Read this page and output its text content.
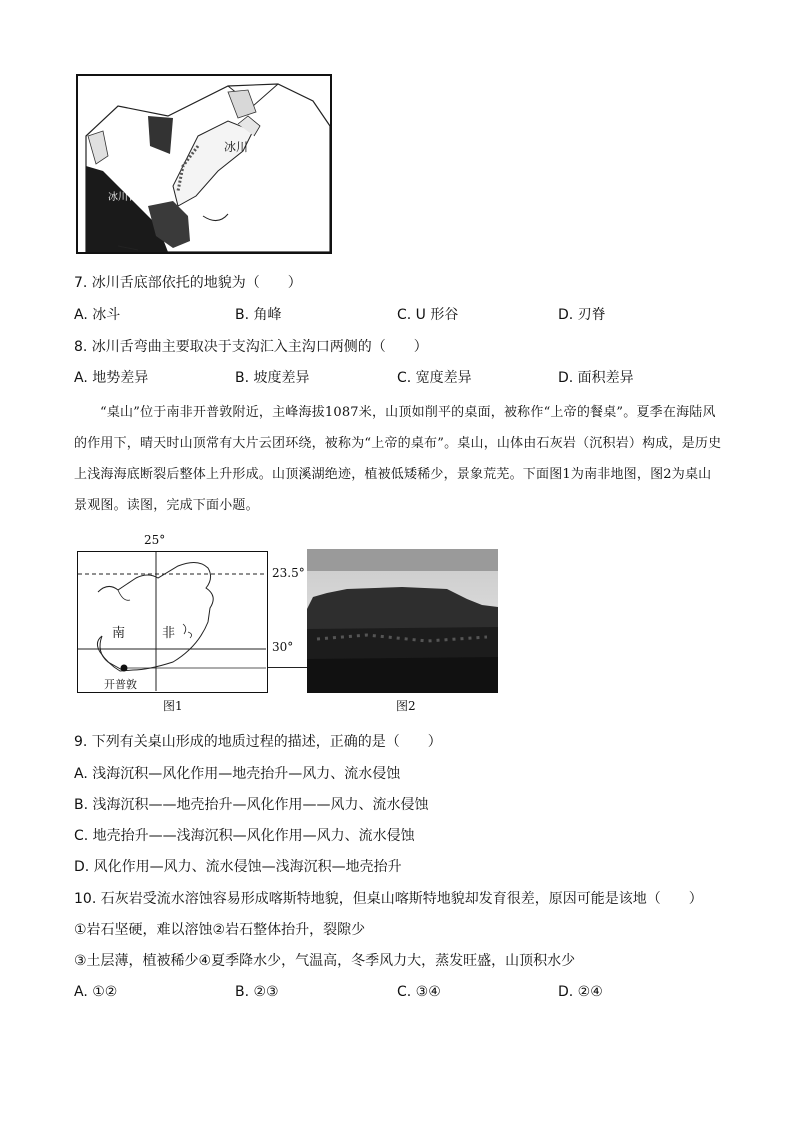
冰川
冰川舌
7. 冰川舌底部依托的地貌为（　　）
A. 冰斗	B. 角峰	C. U 形谷	D. 刃脊
8. 冰川舌弯曲主要取决于支沟汇入主沟口两侧的（　　）
A. 地势差异	B. 坡度差异	C. 宽度差异	D. 面积差异

“桌山”位于南非开普敦附近，主峰海拔1087米，山顶如削平的桌面，被称作“上帝的餐桌”。夏季在海陆风的作用下，晴天时山顶常有大片云团环绕，被称为“上帝的桌布”。桌山，山体由石灰岩（沉积岩）构成，是历史上浅海海底断裂后整体上升形成。山顶溪湖绝迹，植被低矮稀少，景象荒芜。下面图1为南非地图，图2为桌山景观图。读图，完成下面小题。

南	非
开普敦
25°
23.5°
30°
图1	图2
9. 下列有关桌山形成的地质过程的描述，正确的是（　　）
A. 浅海沉积—风化作用—地壳抬升—风力、流水侵蚀
B. 浅海沉积——地壳抬升—风化作用——风力、流水侵蚀
C. 地壳抬升——浅海沉积—风化作用—风力、流水侵蚀
D. 风化作用—风力、流水侵蚀—浅海沉积—地壳抬升
10. 石灰岩受流水溶蚀容易形成喀斯特地貌，但桌山喀斯特地貌却发育很差，原因可能是该地（　　）
①岩石坚硬，难以溶蚀②岩石整体抬升，裂隙少
③土层薄，植被稀少④夏季降水少，气温高，冬季风力大，蒸发旺盛，山顶积水少
A. ①②	B. ②③	C. ③④	D. ②④
